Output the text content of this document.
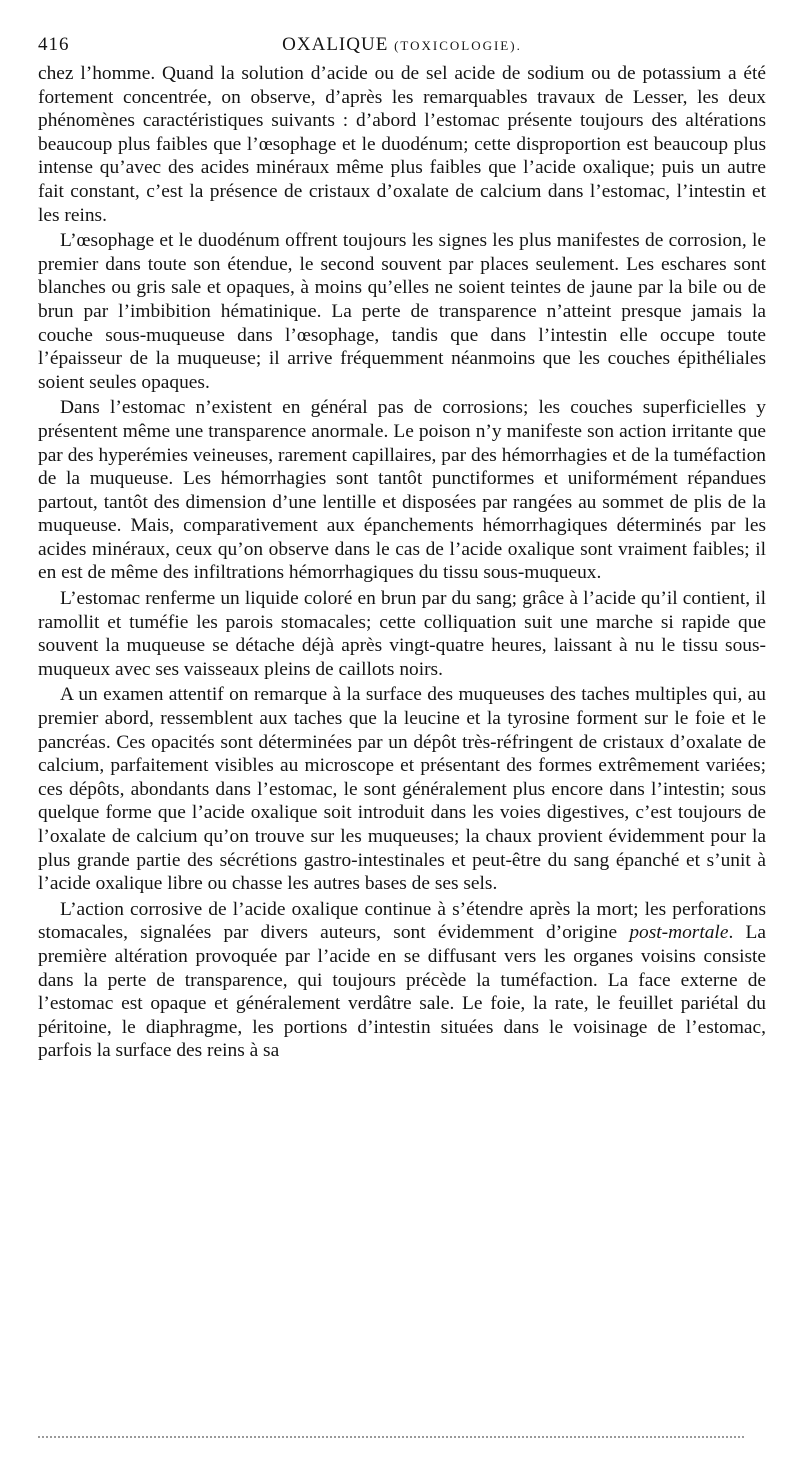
416	OXALIQUE (TOXICOLOGIE).

chez l’homme. Quand la solution d’acide ou de sel acide de sodium ou de potassium a été fortement concentrée, on observe, d’après les remarquables travaux de Lesser, les deux phénomènes caractéristiques suivants : d’abord l’estomac présente toujours des altérations beaucoup plus faibles que l’œsophage et le duodénum; cette disproportion est beaucoup plus intense qu’avec des acides minéraux même plus faibles que l’acide oxalique; puis un autre fait constant, c’est la présence de cristaux d’oxalate de calcium dans l’estomac, l’intestin et les reins.

L’œsophage et le duodénum offrent toujours les signes les plus manifestes de corrosion, le premier dans toute son étendue, le second souvent par places seulement. Les eschares sont blanches ou gris sale et opaques, à moins qu’elles ne soient teintes de jaune par la bile ou de brun par l’imbibition hématinique. La perte de transparence n’atteint presque jamais la couche sous-muqueuse dans l’œsophage, tandis que dans l’intestin elle occupe toute l’épaisseur de la muqueuse; il arrive fréquemment néanmoins que les couches épithéliales soient seules opaques.

Dans l’estomac n’existent en général pas de corrosions; les couches superficielles y présentent même une transparence anormale. Le poison n’y manifeste son action irritante que par des hyperémies veineuses, rarement capillaires, par des hémorrhagies et de la tuméfaction de la muqueuse. Les hémorrhagies sont tantôt punctiformes et uniformément répandues partout, tantôt des dimension d’une lentille et disposées par rangées au sommet de plis de la muqueuse. Mais, comparativement aux épanchements hémorrhagiques déterminés par les acides minéraux, ceux qu’on observe dans le cas de l’acide oxalique sont vraiment faibles; il en est de même des infiltrations hémorrhagiques du tissu sous-muqueux.

L’estomac renferme un liquide coloré en brun par du sang; grâce à l’acide qu’il contient, il ramollit et tuméfie les parois stomacales; cette colliquation suit une marche si rapide que souvent la muqueuse se détache déjà après vingt-quatre heures, laissant à nu le tissu sous-muqueux avec ses vaisseaux pleins de caillots noirs.

A un examen attentif on remarque à la surface des muqueuses des taches multiples qui, au premier abord, ressemblent aux taches que la leucine et la tyrosine forment sur le foie et le pancréas. Ces opacités sont déterminées par un dépôt très-réfringent de cristaux d’oxalate de calcium, parfaitement visibles au microscope et présentant des formes extrêmement variées; ces dépôts, abondants dans l’estomac, le sont généralement plus encore dans l’intestin; sous quelque forme que l’acide oxalique soit introduit dans les voies digestives, c’est toujours de l’oxalate de calcium qu’on trouve sur les muqueuses; la chaux provient évidemment pour la plus grande partie des sécrétions gastro-intestinales et peut-être du sang épanché et s’unit à l’acide oxalique libre ou chasse les autres bases de ses sels.

L’action corrosive de l’acide oxalique continue à s’étendre après la mort; les perforations stomacales, signalées par divers auteurs, sont évidemment d’origine post-mortale. La première altération provoquée par l’acide en se diffusant vers les organes voisins consiste dans la perte de transparence, qui toujours précède la tuméfaction. La face externe de l’estomac est opaque et généralement verdâtre sale. Le foie, la rate, le feuillet pariétal du péritoine, le diaphragme, les portions d’intestin situées dans le voisinage de l’estomac, parfois la surface des reins à sa
